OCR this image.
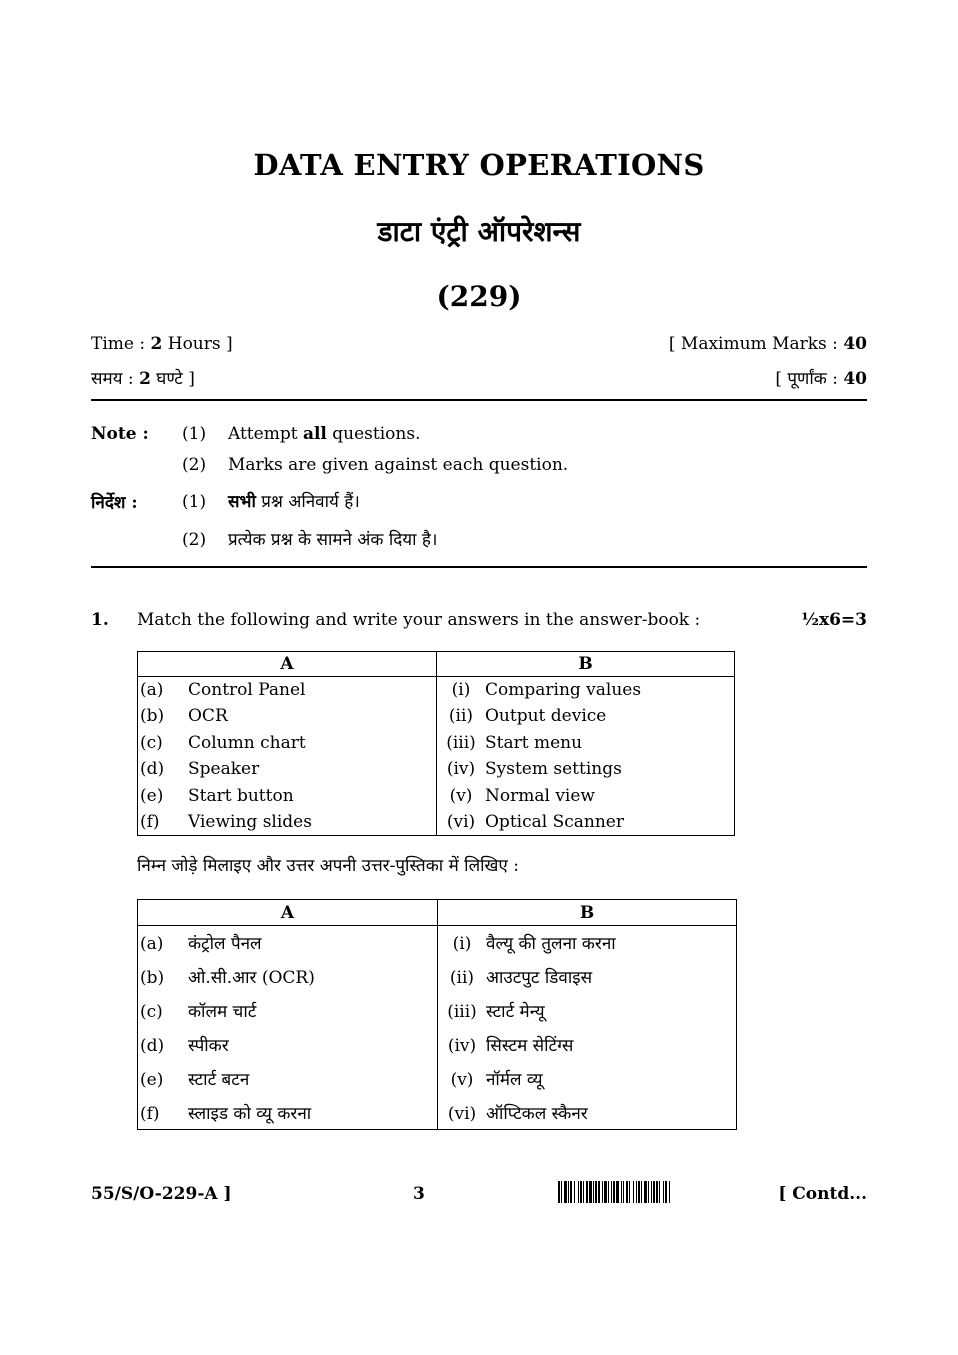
DATA ENTRY OPERATIONS
डाटा एंट्री ऑपरेशन्स
(229)
Time : 2 Hours ]	[ Maximum Marks : 40
समय : 2 घण्टे ]	[ पूर्णांक : 40
Note : (1) Attempt all questions.
(2) Marks are given against each question.
निर्देश :	(1) सभी प्रश्न अनिवार्य हैं।
(2) प्रत्येक प्रश्न के सामने अंक दिया है।
1. Match the following and write your answers in the answer-book :	½x6=3
A	B
(a) Control Panel	(i) Comparing values
(b) OCR	(ii) Output device
(c) Column chart	(iii) Start menu
(d) Speaker	(iv) System settings
(e) Start button	(v) Normal view
(f) Viewing slides	(vi) Optical Scanner
निम्न जोड़े मिलाइए और उत्तर अपनी उत्तर-पुस्तिका में लिखिए :
A	B
(a) कंट्रोल पैनल	(i) वैल्यू की तुलना करना
(b) ओ.सी.आर (OCR)	(ii) आउटपुट डिवाइस
(c) कॉलम चार्ट	(iii) स्टार्ट मेन्यू
(d) स्पीकर	(iv) सिस्टम सेटिंग्स
(e) स्टार्ट बटन	(v) नॉर्मल व्यू
(f) स्लाइड को व्यू करना	(vi) ऑप्टिकल स्कैनर
55/S/O-229-A ]	3	[ Contd...
